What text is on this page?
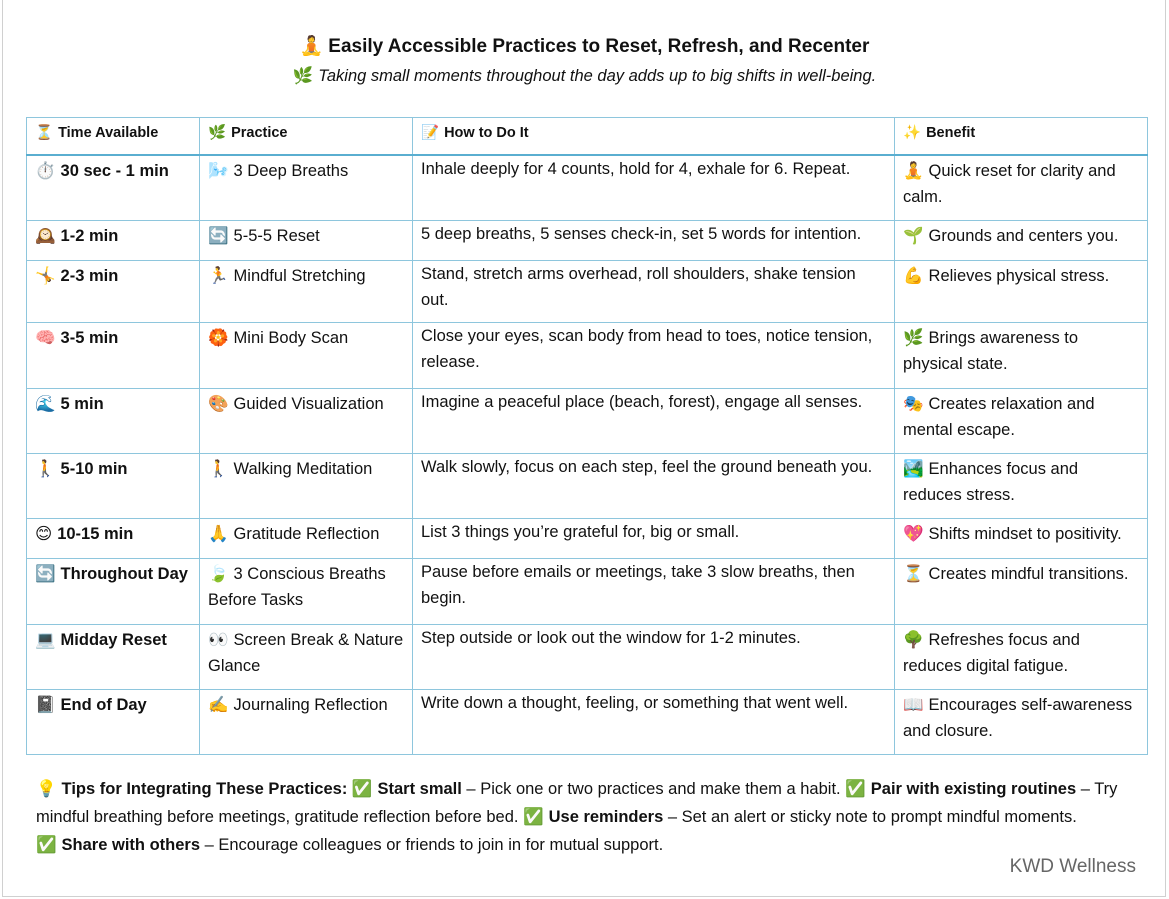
🧘 Easily Accessible Practices to Reset, Refresh, and Recenter
🌿 Taking small moments throughout the day adds up to big shifts in well-being.
⏳ Time Available	🌿 Practice	📝 How to Do It	✨ Benefit
⏱️ 30 sec - 1 min	🌬️ 3 Deep Breaths	Inhale deeply for 4 counts, hold for 4, exhale for 6. Repeat.	🧘 Quick reset for clarity and calm.
🕰️ 1-2 min	🔄 5-5-5 Reset	5 deep breaths, 5 senses check-in, set 5 words for intention.	🌱 Grounds and centers you.
🤸 2-3 min	🏃 Mindful Stretching	Stand, stretch arms overhead, roll shoulders, shake tension out.	💪 Relieves physical stress.
🧠 3-5 min	🏵️ Mini Body Scan	Close your eyes, scan body from head to toes, notice tension, release.	🌿 Brings awareness to physical state.
🌊 5 min	🎨 Guided Visualization	Imagine a peaceful place (beach, forest), engage all senses.	🎭 Creates relaxation and mental escape.
🚶 5-10 min	🚶 Walking Meditation	Walk slowly, focus on each step, feel the ground beneath you.	🏞️ Enhances focus and reduces stress.
😊 10-15 min	🙏 Gratitude Reflection	List 3 things you’re grateful for, big or small.	💖 Shifts mindset to positivity.
🔄 Throughout Day	🍃 3 Conscious Breaths Before Tasks	Pause before emails or meetings, take 3 slow breaths, then begin.	⏳ Creates mindful transitions.
💻 Midday Reset	👀 Screen Break & Nature Glance	Step outside or look out the window for 1-2 minutes.	🌳 Refreshes focus and reduces digital fatigue.
📓 End of Day	✍️ Journaling Reflection	Write down a thought, feeling, or something that went well.	📖 Encourages self-awareness and closure.
💡 Tips for Integrating These Practices: ✅ Start small – Pick one or two practices and make them a habit. ✅ Pair with existing routines – Try mindful breathing before meetings, gratitude reflection before bed. ✅ Use reminders – Set an alert or sticky note to prompt mindful moments. ✅ Share with others – Encourage colleagues or friends to join in for mutual support.
KWD Wellness
